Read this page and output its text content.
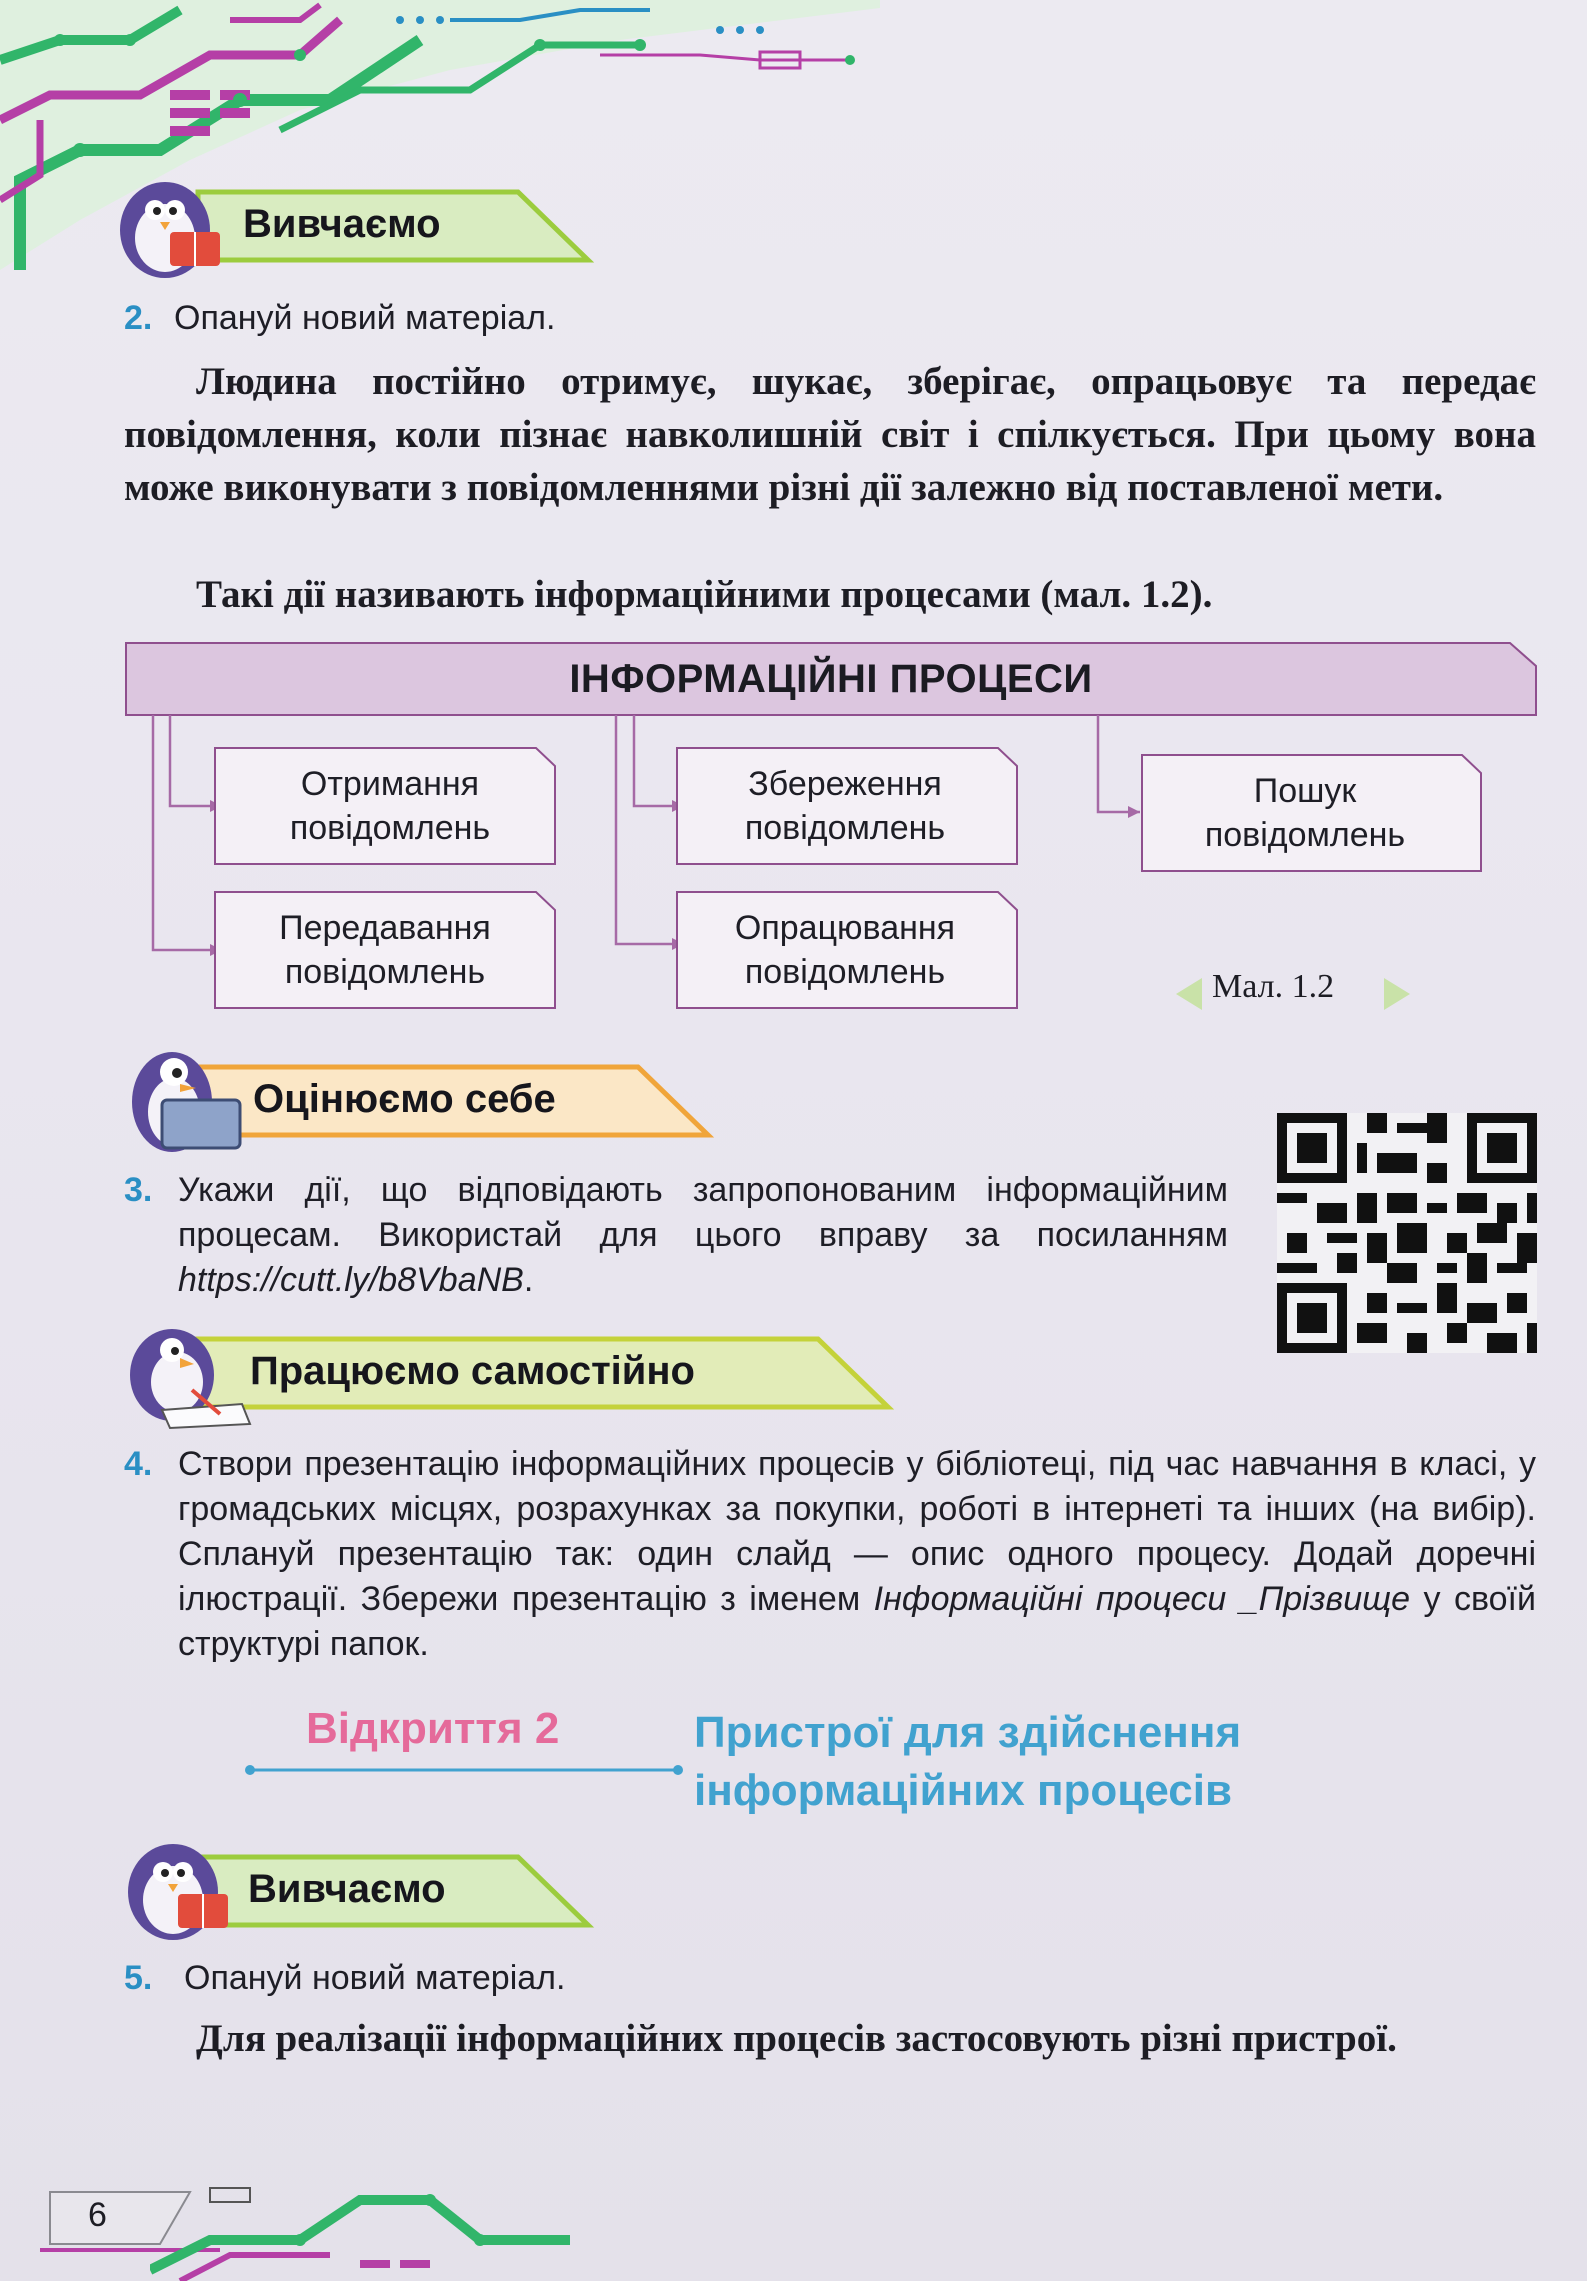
Вивчаємо
2. Опануй новий матеріал.
Людина постійно отримує, шукає, зберігає, опрацьовує та передає повідомлення, коли пізнає навколишній світ і спілкується. При цьому вона може виконувати з повідомленнями різні дії залежно від поставленої мети.
Такі дії називають інформаційними процесами (мал. 1.2).
ІНФОРМАЦІЙНІ ПРОЦЕСИ
Отримання повідомлень
Збереження повідомлень
Пошук повідомлень
Передавання повідомлень
Опрацювання повідомлень	Мал. 1.2
Оцінюємо себе
3. Укажи дії, що відповідають запропонованим інформаційним процесам. Використай для цього вправу за посиланням https://cutt.ly/b8VbaNB.
Працюємо самостійно
4. Створи презентацію інформаційних процесів у бібліотеці, під час навчання в класі, у громадських місцях, розрахунках за покупки, роботі в інтернеті та інших (на вибір). Сплануй презентацію так: один слайд — опис одного процесу. Додай доречні ілюстрації. Збережи презентацію з іменем Інформаційні процеси _Прізвище у своїй структурі папок.
Відкриття 2	Пристрої для здійснення інформаційних процесів
Вивчаємо
5. Опануй новий матеріал.
Для реалізації інформаційних процесів застосовують різні пристрої.
6
